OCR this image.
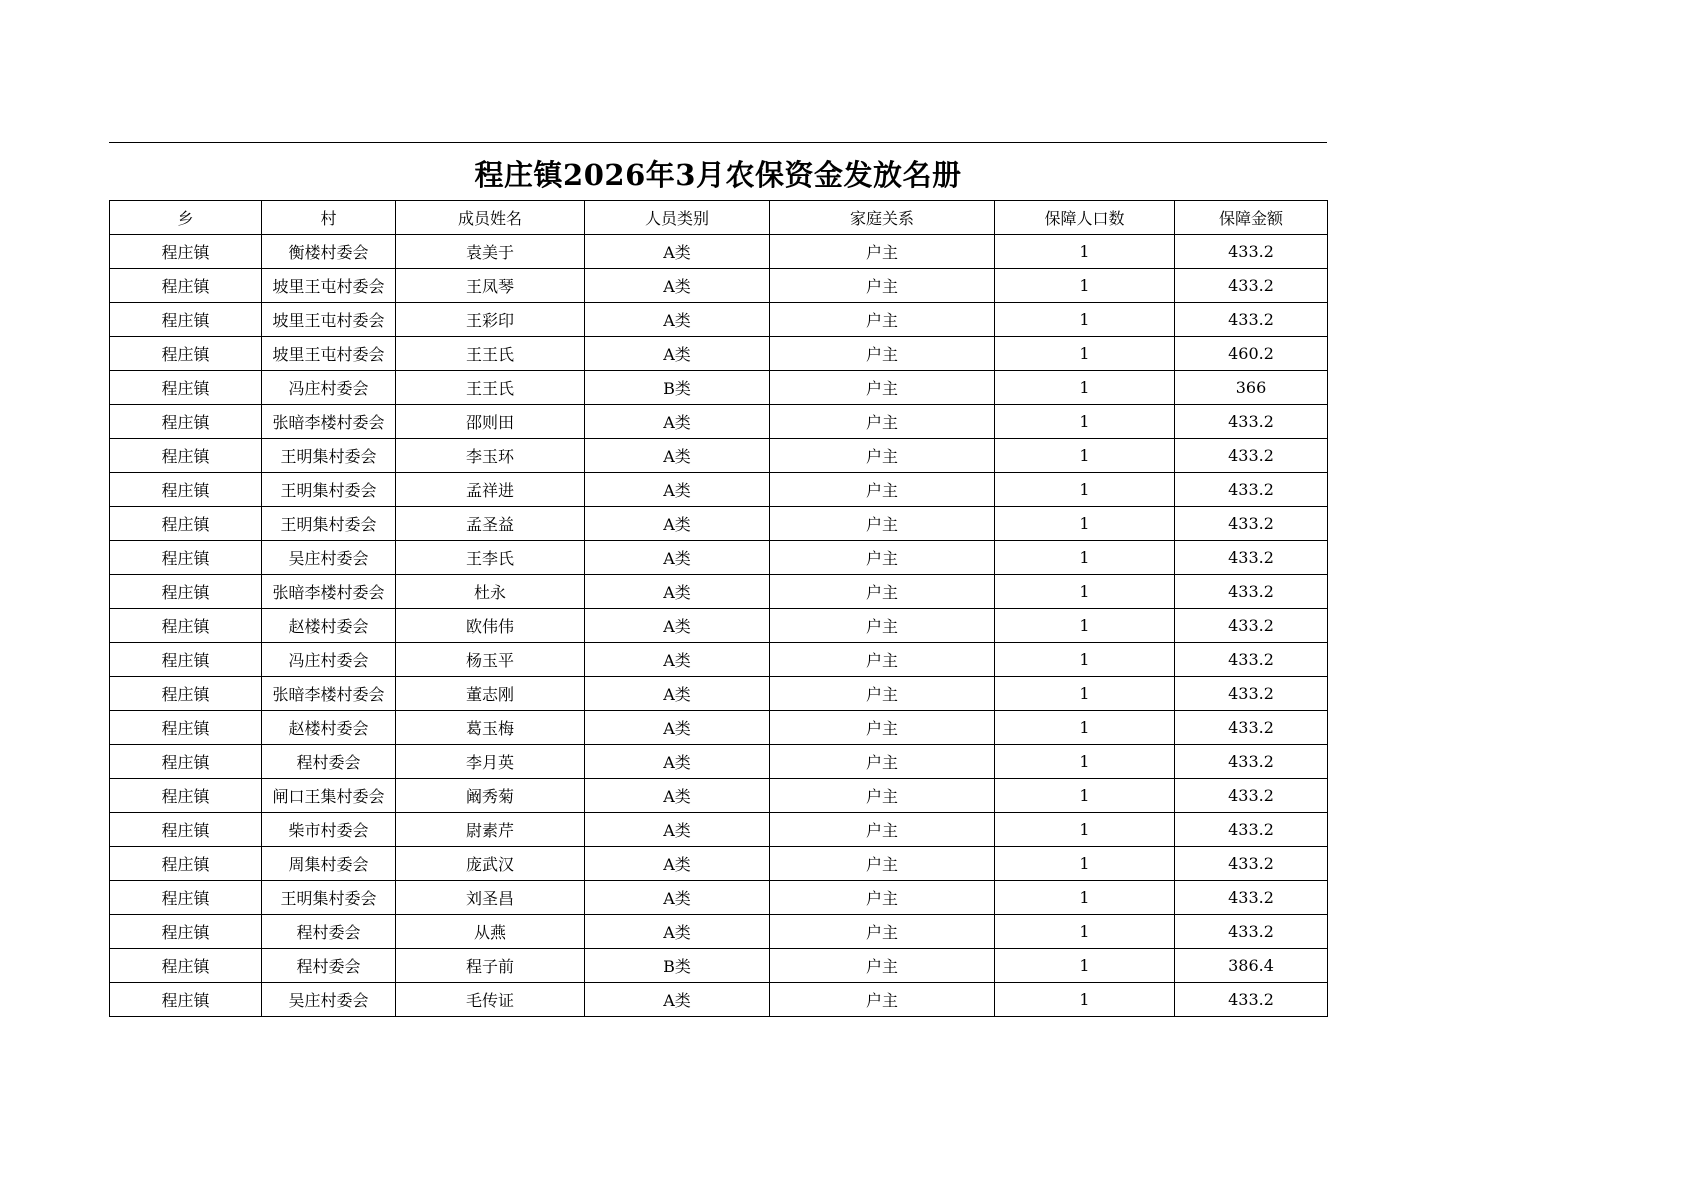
程庄镇2026年3月农保资金发放名册
乡	村	成员姓名	人员类别	家庭关系	保障人口数	保障金额
程庄镇	衡楼村委会	袁美于	A类	户主	1	433.2
程庄镇	坡里王屯村委会	王凤琴	A类	户主	1	433.2
程庄镇	坡里王屯村委会	王彩印	A类	户主	1	433.2
程庄镇	坡里王屯村委会	王王氏	A类	户主	1	460.2
程庄镇	冯庄村委会	王王氏	B类	户主	1	366
程庄镇	张暗李楼村委会	邵则田	A类	户主	1	433.2
程庄镇	王明集村委会	李玉环	A类	户主	1	433.2
程庄镇	王明集村委会	孟祥进	A类	户主	1	433.2
程庄镇	王明集村委会	孟圣益	A类	户主	1	433.2
程庄镇	吴庄村委会	王李氏	A类	户主	1	433.2
程庄镇	张暗李楼村委会	杜永	A类	户主	1	433.2
程庄镇	赵楼村委会	欧伟伟	A类	户主	1	433.2
程庄镇	冯庄村委会	杨玉平	A类	户主	1	433.2
程庄镇	张暗李楼村委会	董志刚	A类	户主	1	433.2
程庄镇	赵楼村委会	葛玉梅	A类	户主	1	433.2
程庄镇	程村委会	李月英	A类	户主	1	433.2
程庄镇	闸口王集村委会	阚秀菊	A类	户主	1	433.2
程庄镇	柴市村委会	尉素芹	A类	户主	1	433.2
程庄镇	周集村委会	庞武汉	A类	户主	1	433.2
程庄镇	王明集村委会	刘圣昌	A类	户主	1	433.2
程庄镇	程村委会	从燕	A类	户主	1	433.2
程庄镇	程村委会	程子前	B类	户主	1	386.4
程庄镇	吴庄村委会	毛传证	A类	户主	1	433.2
